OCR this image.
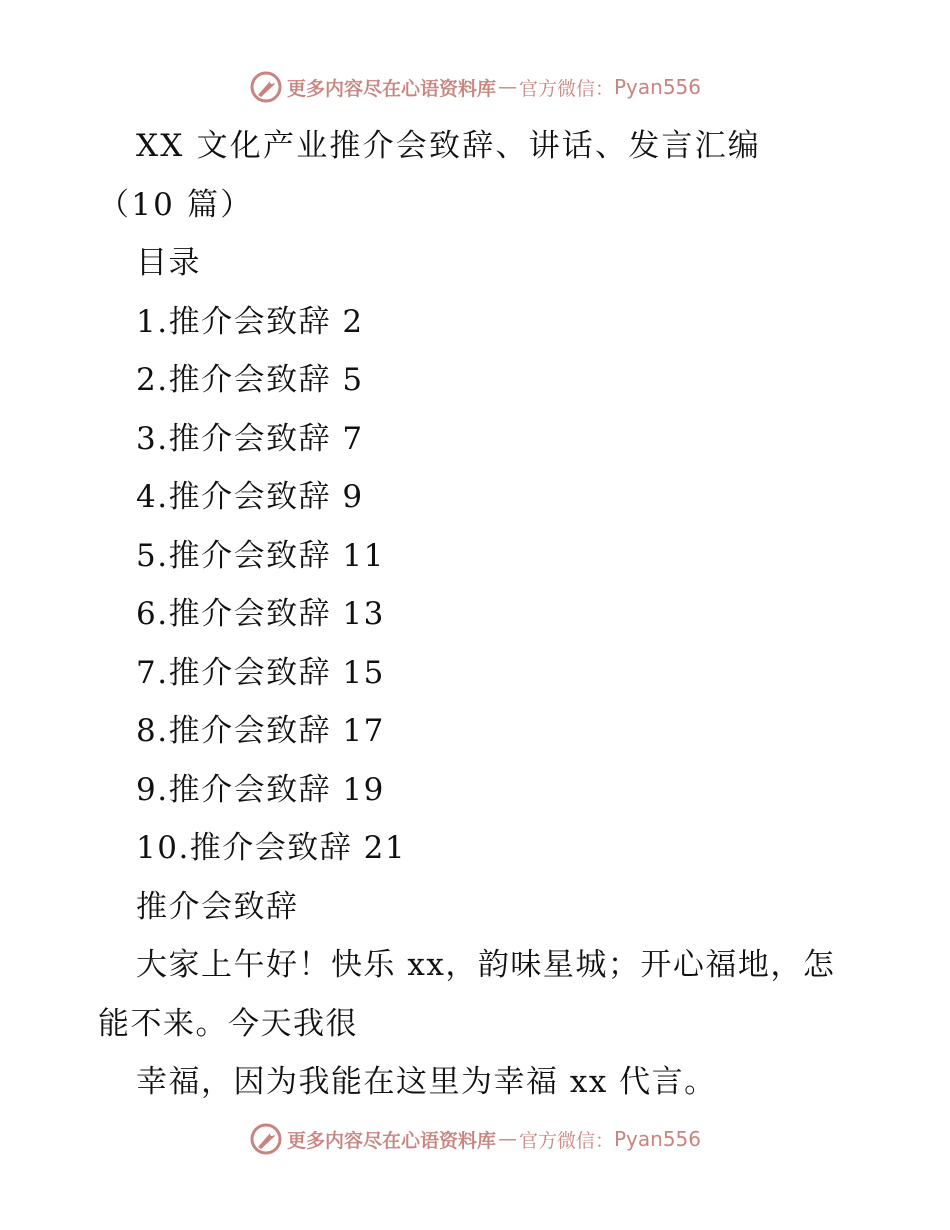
更多内容尽在心语资料库 — 官方微信： Pyan556

XX 文化产业推介会致辞、讲话、发言汇编（10 篇）

目录

1.推介会致辞 2

2.推介会致辞 5

3.推介会致辞 7

4.推介会致辞 9

5.推介会致辞 11

6.推介会致辞 13

7.推介会致辞 15

8.推介会致辞 17

9.推介会致辞 19

10.推介会致辞 21

推介会致辞

大家上午好！快乐 xx，韵味星城；开心福地，怎能不来。今天我很

幸福，因为我能在这里为幸福 xx 代言。

更多内容尽在心语资料库 — 官方微信： Pyan556
